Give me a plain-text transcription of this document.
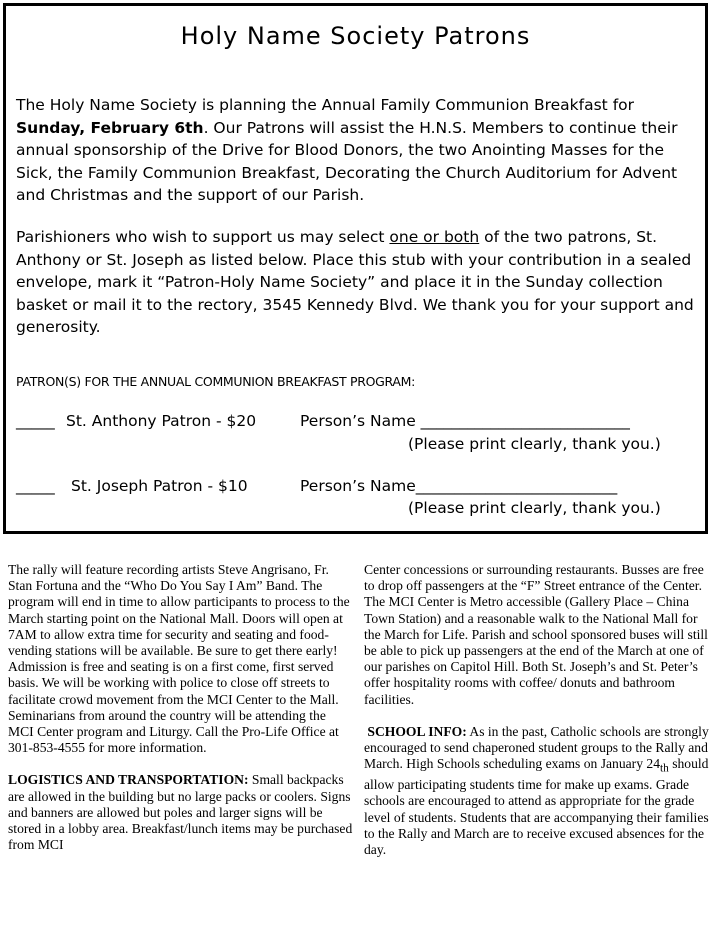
Holy Name Society Patrons

The Holy Name Society is planning the Annual Family Communion Breakfast for Sunday, February 6th. Our Patrons will assist the H.N.S. Members to continue their annual sponsorship of the Drive for Blood Donors, the two Anointing Masses for the Sick, the Family Communion Breakfast, Decorating the Church Auditorium for Advent and Christmas and the support of our Parish.

Parishioners who wish to support us may select one or both of the two patrons, St. Anthony or St. Joseph as listed below. Place this stub with your contribution in a sealed envelope, mark it “Patron-Holy Name Society” and place it in the Sunday collection basket or mail it to the rectory, 3545 Kennedy Blvd. We thank you for your support and generosity.

PATRON(S) FOR THE ANNUAL COMMUNION BREAKFAST PROGRAM:
_____ St. Anthony Patron - $20	Person’s Name ___________________________
(Please print clearly, thank you.)
_____ St. Joseph Patron - $10	Person’s Name__________________________
(Please print clearly, thank you.)

The rally will feature recording artists Steve Angrisano, Fr. Stan Fortuna and the “Who Do You Say I Am” Band. The program will end in time to allow participants to process to the March starting point on the National Mall. Doors will open at 7AM to allow extra time for security and seating and food-vending stations will be available. Be sure to get there early! Admission is free and seating is on a first come, first served basis. We will be working with police to close off streets to facilitate crowd movement from the MCI Center to the Mall. Seminarians from around the country will be attending the MCI Center program and Liturgy. Call the Pro-Life Office at 301-853-4555 for more information.

LOGISTICS AND TRANSPORTATION: Small backpacks are allowed in the building but no large packs or coolers. Signs and banners are allowed but poles and larger signs will be stored in a lobby area. Breakfast/lunch items may be purchased from MCI

Center concessions or surrounding restaurants. Busses are free to drop off passengers at the “F” Street entrance of the Center. The MCI Center is Metro accessible (Gallery Place – China Town Station) and a reasonable walk to the National Mall for the March for Life. Parish and school sponsored buses will still be able to pick up passengers at the end of the March at one of our parishes on Capitol Hill. Both St. Joseph’s and St. Peter’s offer hospitality rooms with coffee/ donuts and bathroom facilities.

SCHOOL INFO: As in the past, Catholic schools are strongly encouraged to send chaperoned student groups to the Rally and March. High Schools scheduling exams on January $24_{th}$ should allow participating students time for make up exams. Grade schools are encouraged to attend as appropriate for the grade level of students. Students that are accompanying their families to the Rally and March are to receive excused absences for the day.
